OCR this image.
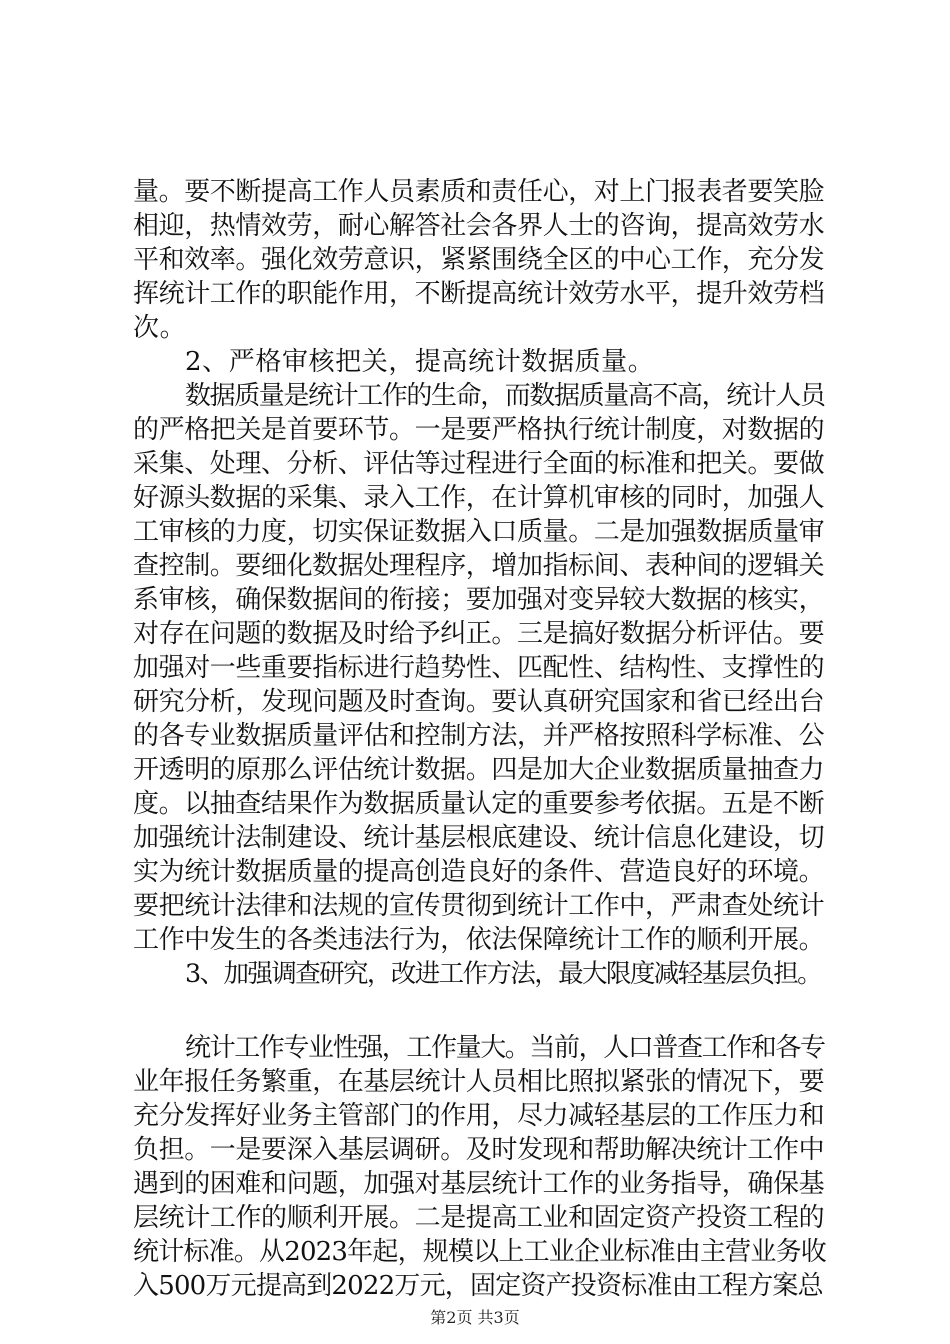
量。要不断提高工作人员素质和责任心，对上门报表者要笑脸
相迎，热情效劳，耐心解答社会各界人士的咨询，提高效劳水
平和效率。强化效劳意识，紧紧围绕全区的中心工作，充分发
挥统计工作的职能作用，不断提高统计效劳水平，提升效劳档
次。
2、严格审核把关，提高统计数据质量。
数据质量是统计工作的生命，而数据质量高不高，统计人员
的严格把关是首要环节。一是要严格执行统计制度，对数据的
采集、处理、分析、评估等过程进行全面的标准和把关。要做
好源头数据的采集、录入工作，在计算机审核的同时，加强人
工审核的力度，切实保证数据入口质量。二是加强数据质量审
查控制。要细化数据处理程序，增加指标间、表种间的逻辑关
系审核，确保数据间的衔接；要加强对变异较大数据的核实，
对存在问题的数据及时给予纠正。三是搞好数据分析评估。要
加强对一些重要指标进行趋势性、匹配性、结构性、支撑性的
研究分析，发现问题及时查询。要认真研究国家和省已经出台
的各专业数据质量评估和控制方法，并严格按照科学标准、公
开透明的原那么评估统计数据。四是加大企业数据质量抽查力
度。以抽查结果作为数据质量认定的重要参考依据。五是不断
加强统计法制建设、统计基层根底建设、统计信息化建设，切
实为统计数据质量的提高创造良好的条件、营造良好的环境。
要把统计法律和法规的宣传贯彻到统计工作中，严肃查处统计
工作中发生的各类违法行为，依法保障统计工作的顺利开展。
3、加强调查研究，改进工作方法，最大限度减轻基层负担。
统计工作专业性强，工作量大。当前，人口普查工作和各专
业年报任务繁重，在基层统计人员相比照拟紧张的情况下，要
充分发挥好业务主管部门的作用，尽力减轻基层的工作压力和
负担。一是要深入基层调研。及时发现和帮助解决统计工作中
遇到的困难和问题，加强对基层统计工作的业务指导，确保基
层统计工作的顺利开展。二是提高工业和固定资产投资工程的
统计标准。从2023年起，规模以上工业企业标准由主营业务收
入500万元提高到2022万元，固定资产投资标准由工程方案总
第2页 共3页
